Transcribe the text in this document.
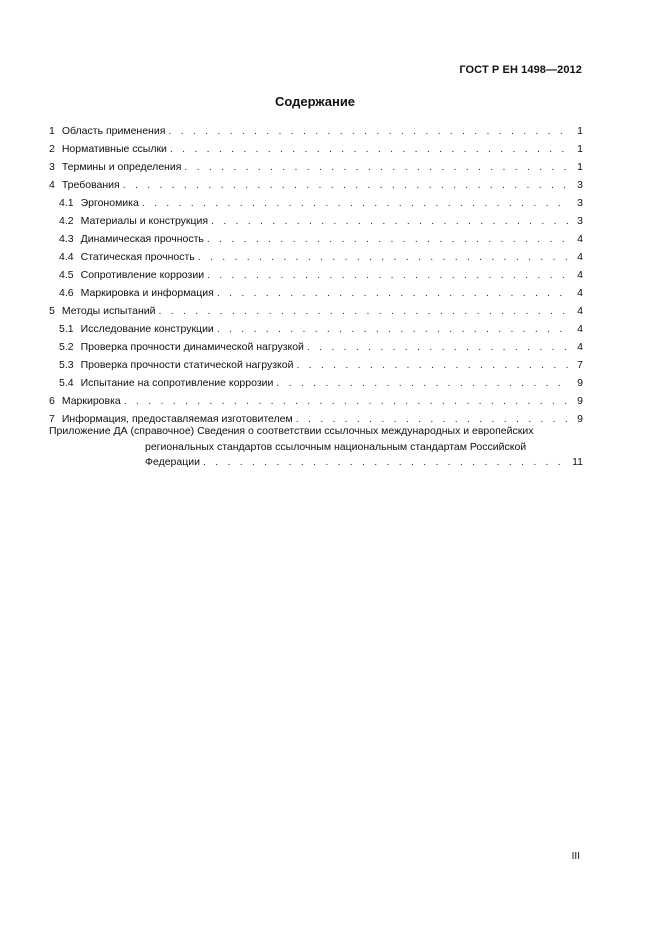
ГОСТ Р ЕН 1498—2012
Содержание
1 Область применения . . .	1
2 Нормативные ссылки . . .	1
3 Термины и определения . . .	1
4 Требования . . .	3
4.1 Эргономика . . .	3
4.2 Материалы и конструкция . . .	3
4.3 Динамическая прочность . . .	4
4.4 Статическая прочность . . .	4
4.5 Сопротивление коррозии . . .	4
4.6 Маркировка и информация . . .	4
5 Методы испытаний . . .	4
5.1 Исследование конструкции . . .	4
5.2 Проверка прочности динамической нагрузкой . . .	4
5.3 Проверка прочности статической нагрузкой . . .	7
5.4 Испытание на сопротивление коррозии . . .	9
6 Маркировка . . .	9
7 Информация, предоставляемая изготовителем . . .	9
Приложение ДА (справочное) Сведения о соответствии ссылочных международных и европейских
региональных стандартов ссылочным национальным стандартам Российской
Федерации . . .	11
III
